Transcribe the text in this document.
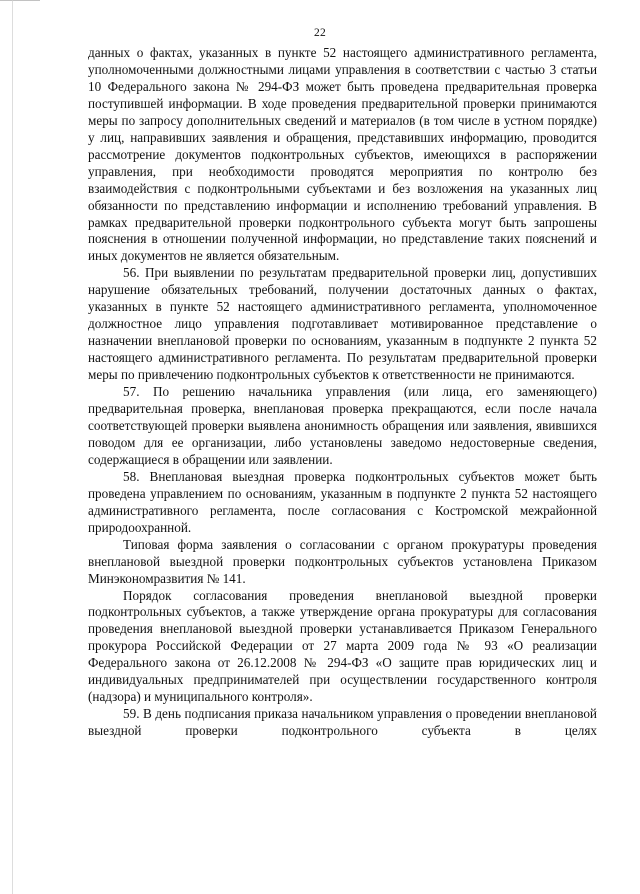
22

данных о фактах, указанных в пункте 52 настоящего административного регламента, уполномоченными должностными лицами управления в соответствии с частью 3 статьи 10 Федерального закона № 294-ФЗ может быть проведена предварительная проверка поступившей информации. В ходе проведения предварительной проверки принимаются меры по запросу дополнительных сведений и материалов (в том числе в устном порядке) у лиц, направивших заявления и обращения, представивших информацию, проводится рассмотрение документов подконтрольных субъектов, имеющихся в распоряжении управления, при необходимости проводятся мероприятия по контролю без взаимодействия с подконтрольными субъектами и без возложения на указанных лиц обязанности по представлению информации и исполнению требований управления. В рамках предварительной проверки подконтрольного субъекта могут быть запрошены пояснения в отношении полученной информации, но представление таких пояснений и иных документов не является обязательным.

56. При выявлении по результатам предварительной проверки лиц, допустивших нарушение обязательных требований, получении достаточных данных о фактах, указанных в пункте 52 настоящего административного регламента, уполномоченное должностное лицо управления подготавливает мотивированное представление о назначении внеплановой проверки по основаниям, указанным в подпункте 2 пункта 52 настоящего административного регламента. По результатам предварительной проверки меры по привлечению подконтрольных субъектов к ответственности не принимаются.

57. По решению начальника управления (или лица, его заменяющего) предварительная проверка, внеплановая проверка прекращаются, если после начала соответствующей проверки выявлена анонимность обращения или заявления, явившихся поводом для ее организации, либо установлены заведомо недостоверные сведения, содержащиеся в обращении или заявлении.

58. Внеплановая выездная проверка подконтрольных субъектов может быть проведена управлением по основаниям, указанным в подпункте 2 пункта 52 настоящего административного регламента, после согласования с Костромской межрайонной природоохранной.

Типовая форма заявления о согласовании с органом прокуратуры проведения внеплановой выездной проверки подконтрольных субъектов установлена Приказом Минэкономразвития № 141.

Порядок согласования проведения внеплановой выездной проверки подконтрольных субъектов, а также утверждение органа прокуратуры для согласования проведения внеплановой выездной проверки устанавливается Приказом Генерального прокурора Российской Федерации от 27 марта 2009 года № 93 «О реализации Федерального закона от 26.12.2008 № 294-ФЗ «О защите прав юридических лиц и индивидуальных предпринимателей при осуществлении государственного контроля (надзора) и муниципального контроля».

59. В день подписания приказа начальником управления о проведении внеплановой выездной проверки подконтрольного субъекта в целях
